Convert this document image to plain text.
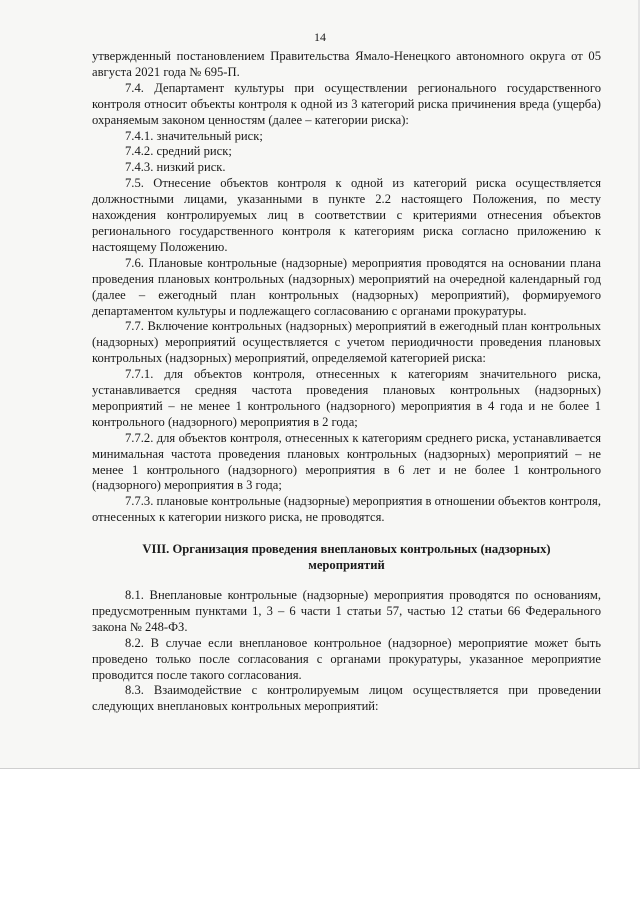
14

утвержденный постановлением Правительства Ямало-Ненецкого автономного округа от 05 августа 2021 года № 695-П.

7.4. Департамент культуры при осуществлении регионального государственного контроля относит объекты контроля к одной из 3 категорий риска причинения вреда (ущерба) охраняемым законом ценностям (далее – категории риска):

7.4.1. значительный риск;

7.4.2. средний риск;

7.4.3. низкий риск.

7.5. Отнесение объектов контроля к одной из категорий риска осуществляется должностными лицами, указанными в пункте 2.2 настоящего Положения, по месту нахождения контролируемых лиц в соответствии с критериями отнесения объектов регионального государственного контроля к категориям риска согласно приложению к настоящему Положению.

7.6. Плановые контрольные (надзорные) мероприятия проводятся на основании плана проведения плановых контрольных (надзорных) мероприятий на очередной календарный год (далее – ежегодный план контрольных (надзорных) мероприятий), формируемого департаментом культуры и подлежащего согласованию с органами прокуратуры.

7.7. Включение контрольных (надзорных) мероприятий в ежегодный план контрольных (надзорных) мероприятий осуществляется с учетом периодичности проведения плановых контрольных (надзорных) мероприятий, определяемой категорией риска:

7.7.1. для объектов контроля, отнесенных к категориям значительного риска, устанавливается средняя частота проведения плановых контрольных (надзорных) мероприятий – не менее 1 контрольного (надзорного) мероприятия в 4 года и не более 1 контрольного (надзорного) мероприятия в 2 года;

7.7.2. для объектов контроля, отнесенных к категориям среднего риска, устанавливается минимальная частота проведения плановых контрольных (надзорных) мероприятий – не менее 1 контрольного (надзорного) мероприятия в 6 лет и не более 1 контрольного (надзорного) мероприятия в 3 года;

7.7.3. плановые контрольные (надзорные) мероприятия в отношении объектов контроля, отнесенных к категории низкого риска, не проводятся.

VIII. Организация проведения внеплановых контрольных (надзорных) мероприятий

8.1. Внеплановые контрольные (надзорные) мероприятия проводятся по основаниям, предусмотренным пунктами 1, 3 – 6 части 1 статьи 57, частью 12 статьи 66 Федерального закона № 248-ФЗ.

8.2. В случае если внеплановое контрольное (надзорное) мероприятие может быть проведено только после согласования с органами прокуратуры, указанное мероприятие проводится после такого согласования.

8.3. Взаимодействие с контролируемым лицом осуществляется при проведении следующих внеплановых контрольных мероприятий:
